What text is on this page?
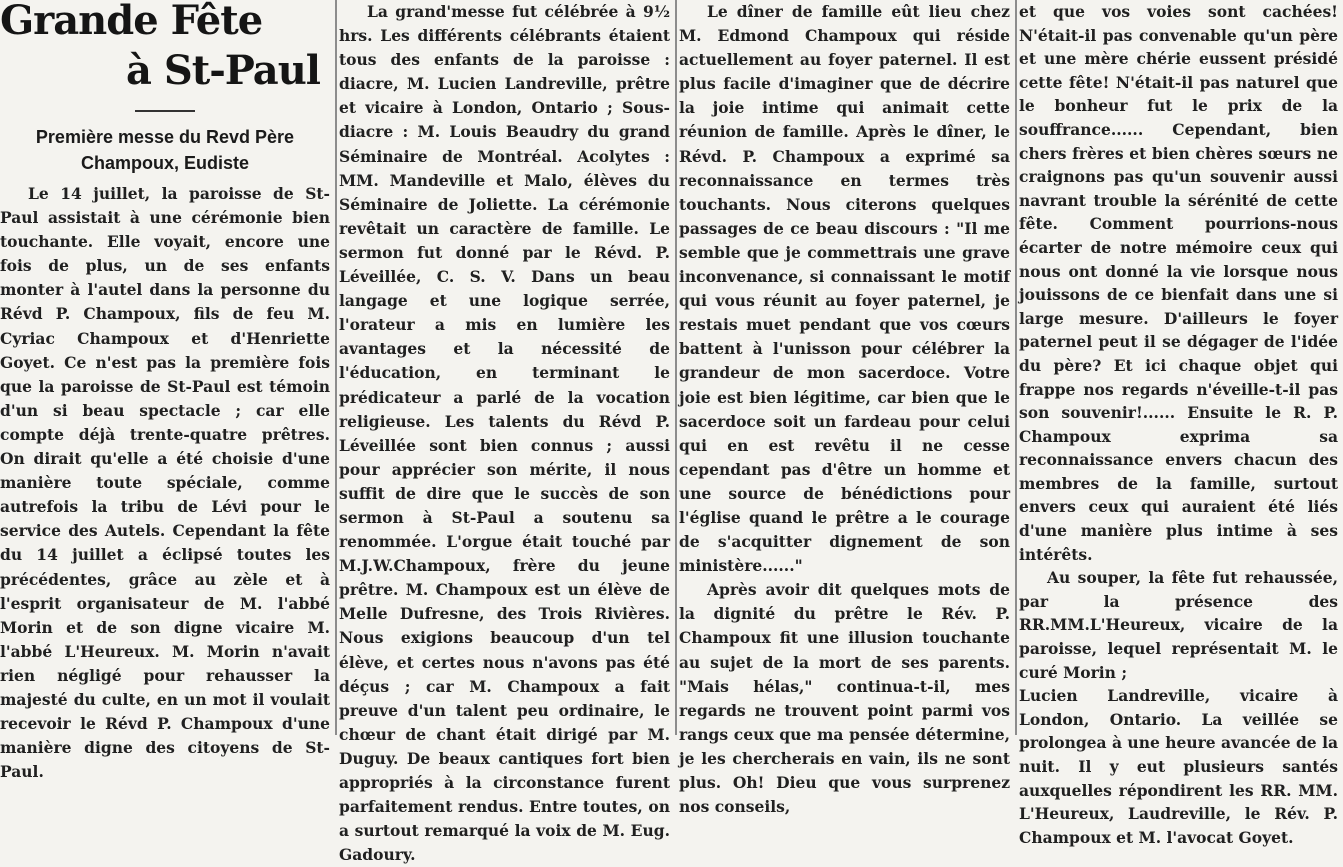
Grande Fête
à St-Paul

Première messe du Revd Père Champoux, Eudiste

Le 14 juillet, la paroisse de St-Paul assistait à une cérémonie bien touchante. Elle voyait, encore une fois de plus, un de ses enfants monter à l'autel dans la personne du Révd P. Champoux, fils de feu M. Cyriac Champoux et d'Henriette Goyet. Ce n'est pas la première fois que la paroisse de St-Paul est témoin d'un si beau spectacle ; car elle compte déjà trente-quatre prêtres. On dirait qu'elle a été choisie d'une manière toute spéciale, comme autrefois la tribu de Lévi pour le service des Autels. Cependant la fête du 14 juillet a éclipsé toutes les précédentes, grâce au zèle et à l'esprit organisateur de M. l'abbé Morin et de son digne vicaire M. l'abbé L'Heureux. M. Morin n'avait rien négligé pour rehausser la majesté du culte, en un mot il voulait recevoir le Révd P. Champoux d'une manière digne des citoyens de St-Paul.

La grand'messe fut célébrée à 9½ hrs. Les différents célébrants étaient tous des enfants de la paroisse : diacre, M. Lucien Landreville, prêtre et vicaire à London, Ontario ; Sous-diacre : M. Louis Beaudry du grand Séminaire de Montréal. Acolytes : MM. Mandeville et Malo, élèves du Séminaire de Joliette. La cérémonie revêtait un caractère de famille. Le sermon fut donné par le Révd. P. Léveillée, C. S. V. Dans un beau langage et une logique serrée, l'orateur a mis en lumière les avantages et la nécessité de l'éducation, en terminant le prédicateur a parlé de la vocation religieuse. Les talents du Révd P. Léveillée sont bien connus ; aussi pour apprécier son mérite, il nous suffit de dire que le succès de son sermon à St-Paul a soutenu sa renommée. L'orgue était touché par M.J.W.Champoux, frère du jeune prêtre. M. Champoux est un élève de Melle Dufresne, des Trois Rivières. Nous exigions beaucoup d'un tel élève, et certes nous n'avons pas été déçus ; car M. Champoux a fait preuve d'un talent peu ordinaire, le chœur de chant était dirigé par M. Duguy. De beaux cantiques fort bien appropriés à la circonstance furent parfaitement rendus. Entre toutes, on a surtout remarqué la voix de M. Eug. Gadoury.

Le dîner de famille eût lieu chez M. Edmond Champoux qui réside actuellement au foyer paternel. Il est plus facile d'imaginer que de décrire la joie intime qui animait cette réunion de famille. Après le dîner, le Révd. P. Champoux a exprimé sa reconnaissance en termes très touchants. Nous citerons quelques passages de ce beau discours : "Il me semble que je commettrais une grave inconvenance, si connaissant le motif qui vous réunit au foyer paternel, je restais muet pendant que vos cœurs battent à l'unisson pour célébrer la grandeur de mon sacerdoce. Votre joie est bien légitime, car bien que le sacerdoce soit un fardeau pour celui qui en est revêtu il ne cesse cependant pas d'être un homme et une source de bénédictions pour l'église quand le prêtre a le courage de s'acquitter dignement de son ministère......"

Après avoir dit quelques mots de la dignité du prêtre le Rév. P. Champoux fit une illusion touchante au sujet de la mort de ses parents. "Mais hélas," continua-t-il, mes regards ne trouvent point parmi vos rangs ceux que ma pensée détermine, je les chercherais en vain, ils ne sont plus. Oh! Dieu que vous surprenez nos conseils,

et que vos voies sont cachées! N'était-il pas convenable qu'un père et une mère chérie eussent présidé cette fête! N'était-il pas naturel que le bonheur fut le prix de la souffrance...... Cependant, bien chers frères et bien chères sœurs ne craignons pas qu'un souvenir aussi navrant trouble la sérénité de cette fête. Comment pourrions-nous écarter de notre mémoire ceux qui nous ont donné la vie lorsque nous jouissons de ce bienfait dans une si large mesure. D'ailleurs le foyer paternel peut il se dégager de l'idée du père? Et ici chaque objet qui frappe nos regards n'éveille-t-il pas son souvenir!...... Ensuite le R. P. Champoux exprima sa reconnaissance envers chacun des membres de la famille, surtout envers ceux qui auraient été liés d'une manière plus intime à ses intérêts.

Au souper, la fête fut rehaussée, par la présence des RR.MM.L'Heureux, vicaire de la paroisse, lequel représentait M. le curé Morin ;

Lucien Landreville, vicaire à London, Ontario. La veillée se prolongea à une heure avancée de la nuit. Il y eut plusieurs santés auxquelles répondirent les RR. MM. L'Heureux, Laudreville, le Rév. P. Champoux et M. l'avocat Goyet.
